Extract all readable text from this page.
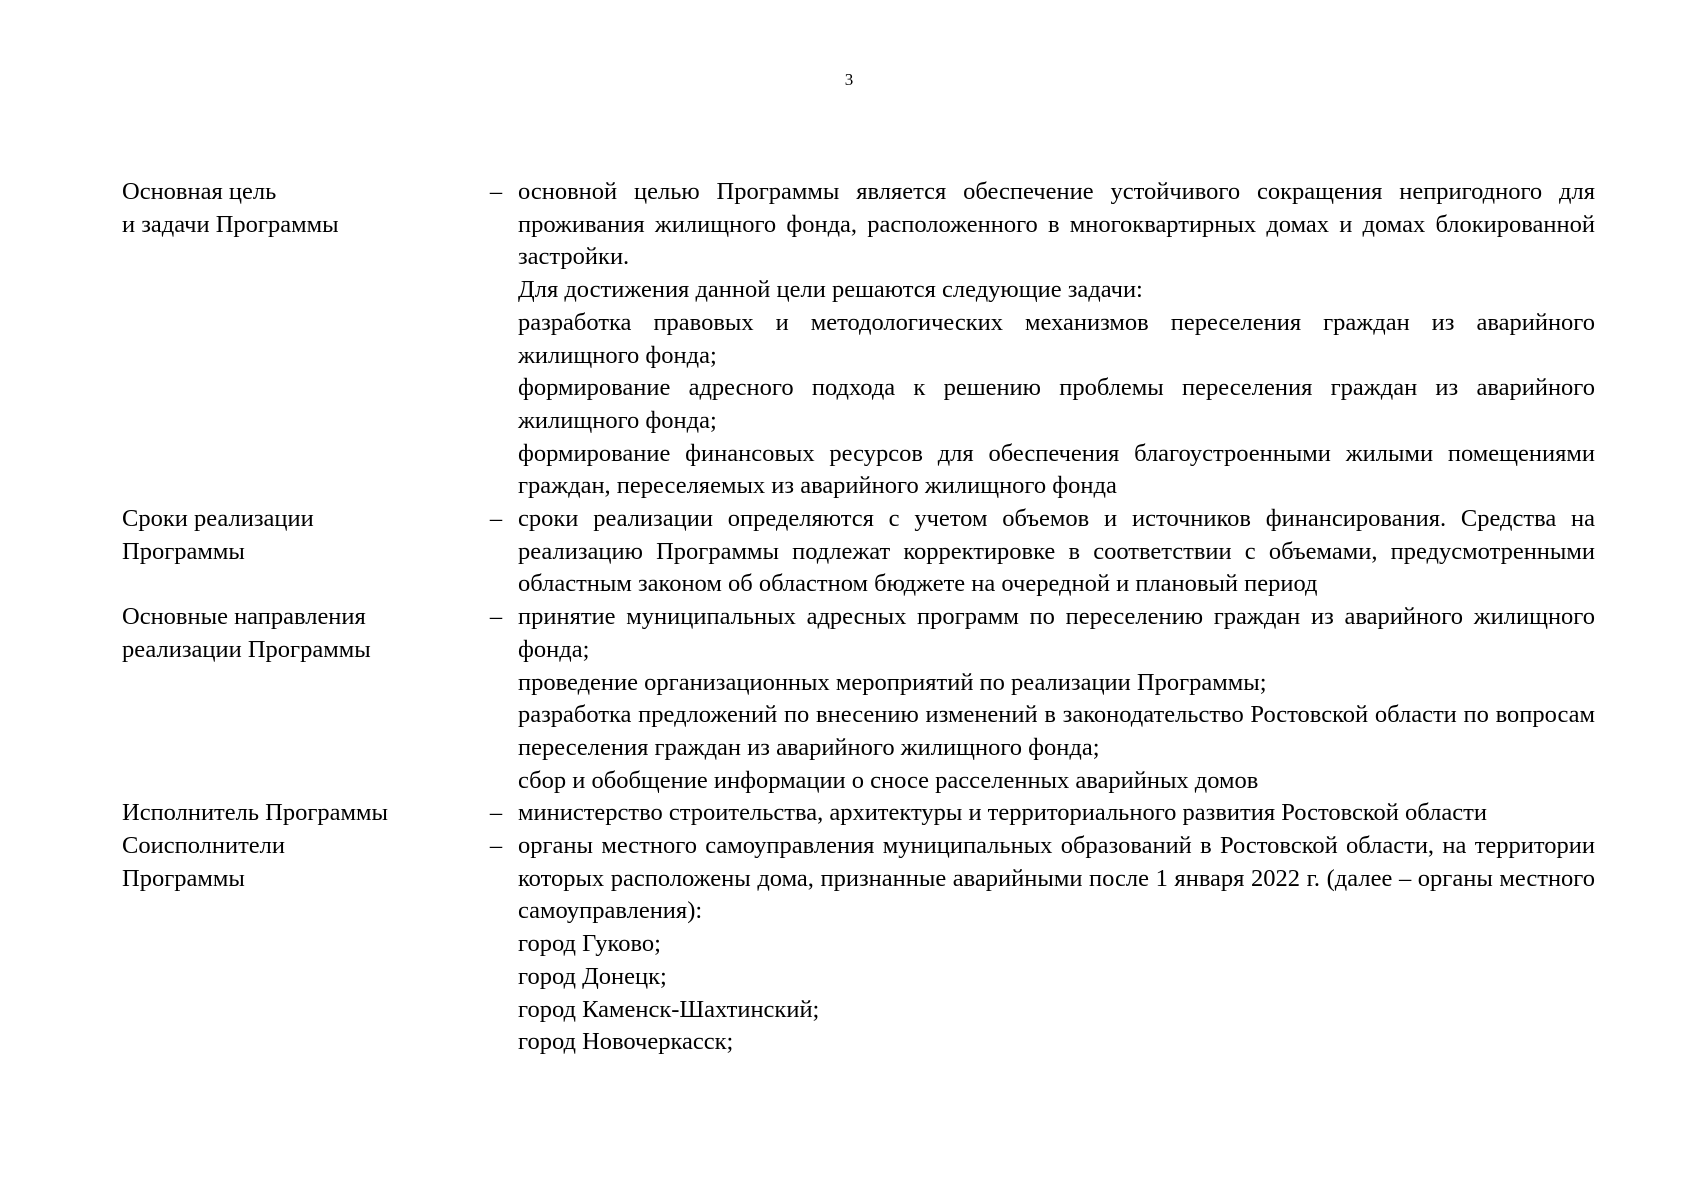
3
Основная цель
и задачи Программы
– основной целью Программы является обеспечение устойчивого сокращения непригодного для проживания жилищного фонда, расположенного в многоквартирных домах и домах блокированной застройки.

Для достижения данной цели решаются следующие задачи:

разработка правовых и методологических механизмов переселения граждан из аварийного жилищного фонда;

формирование адресного подхода к решению проблемы переселения граждан из аварийного жилищного фонда;

формирование финансовых ресурсов для обеспечения благоустроенными жилыми помещениями граждан, переселяемых из аварийного жилищного фонда

Сроки реализации
Программы
– сроки реализации определяются с учетом объемов и источников финансирования. Средства на реализацию Программы подлежат корректировке в соответствии с объемами, предусмотренными областным законом об областном бюджете на очередной и плановый период

Основные направления
реализации Программы
– принятие муниципальных адресных программ по переселению граждан из аварийного жилищного фонда;

проведение организационных мероприятий по реализации Программы;

разработка предложений по внесению изменений в законодательство Ростовской области по вопросам переселения граждан из аварийного жилищного фонда;

сбор и обобщение информации о сносе расселенных аварийных домов

Исполнитель Программы	– министерство строительства, архитектуры и территориального развития Ростовской области

Соисполнители
Программы
– органы местного самоуправления муниципальных образований в Ростовской области, на территории которых расположены дома, признанные аварийными после 1 января 2022 г. (далее – органы местного самоуправления):

город Гуково;

город Донецк;

город Каменск-Шахтинский;

город Новочеркасск;
